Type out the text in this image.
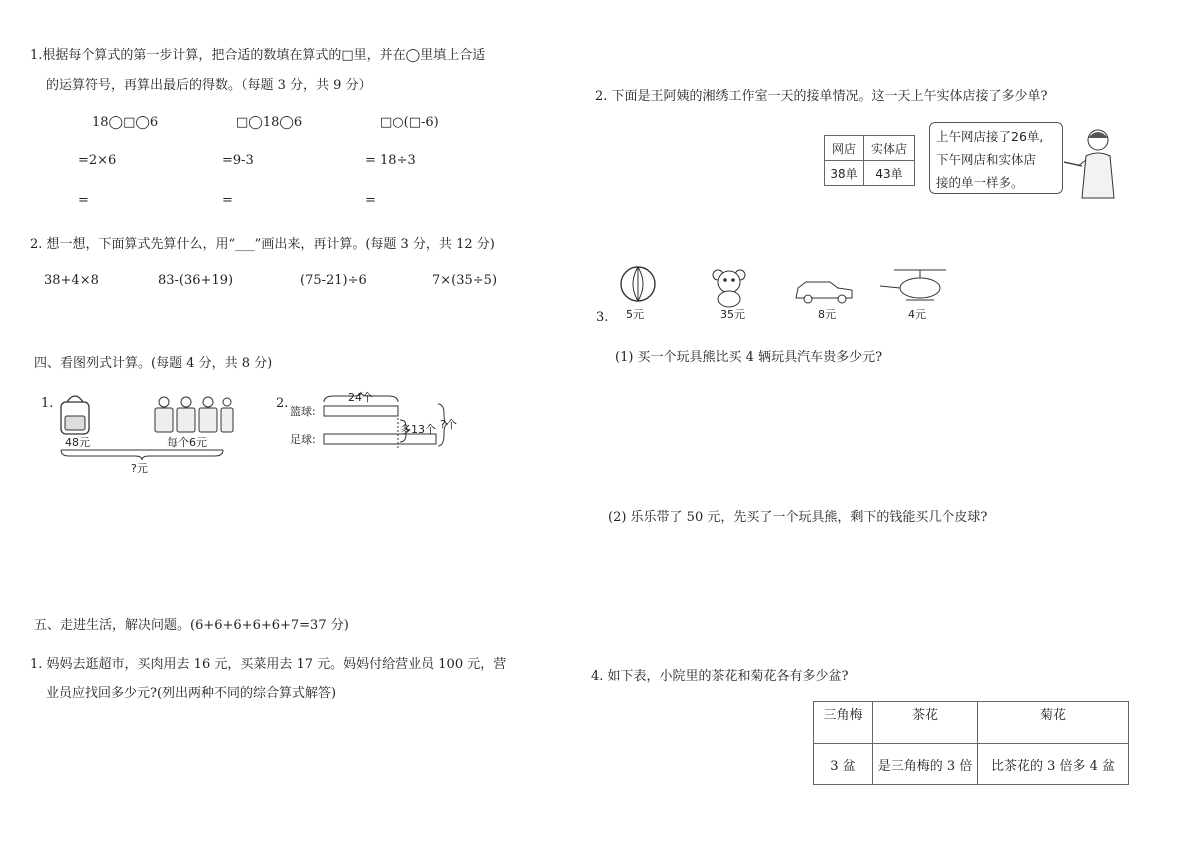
1.根据每个算式的第一步计算，把合适的数填在算式的□里，并在◯里填上合适
的运算符号，再算出最后的得数。（每题 3 分，共 9 分）
18◯□◯6	□◯18◯6	□○(□-6)
=2×6	=9-3	= 18÷3
=	=	=
2. 想一想，下面算式先算什么，用“___”画出来，再计算。(每题 3 分，共 12 分)
38+4×8	83-(36+19)	(75-21)÷6	7×(35÷5)
四、看图列式计算。(每题 4 分，共 8 分)
1.
48元	每个6元
?元
2.
篮球:
足球:
24个
多13个 ?个
五、走进生活，解决问题。(6+6+6+6+6+7=37 分)
1. 妈妈去逛超市，买肉用去 16 元，买菜用去 17 元。妈妈付给营业员 100 元，营
业员应找回多少元?(列出两种不同的综合算式解答)
2. 下面是王阿姨的湘绣工作室一天的接单情况。这一天上午实体店接了多少单?
网店	实体店
38单	43单
上午网店接了26单,
下午网店和实体店
接的单一样多。
3. 5元	35元	8元	4元
(1) 买一个玩具熊比买 4 辆玩具汽车贵多少元?
(2) 乐乐带了 50 元，先买了一个玩具熊，剩下的钱能买几个皮球?
4. 如下表，小院里的茶花和菊花各有多少盆?
三角梅	茶花	菊花
3 盆	是三角梅的 3 倍	比茶花的 3 倍多 4 盆
